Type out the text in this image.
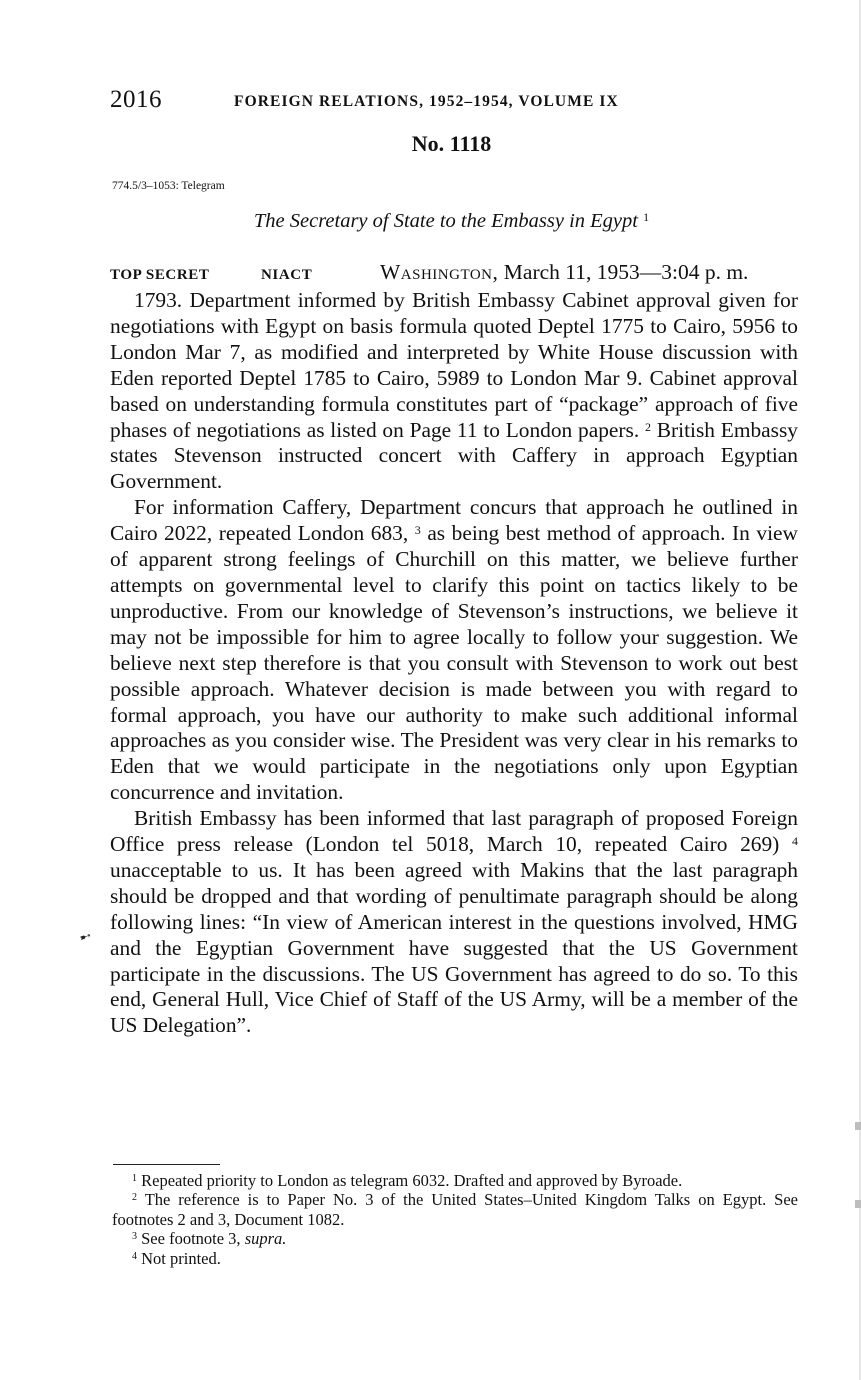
2016	FOREIGN RELATIONS, 1952–1954, VOLUME IX
No. 1118
774.5/3–1053: Telegram
The Secretary of State to the Embassy in Egypt $^1$
TOP SECRET	NIACT	Washington, March 11, 1953—3:04 p. m.

1793. Department informed by British Embassy Cabinet approval given for negotiations with Egypt on basis formula quoted Deptel 1775 to Cairo, 5956 to London Mar 7, as modified and interpreted by White House discussion with Eden reported Deptel 1785 to Cairo, 5989 to London Mar 9. Cabinet approval based on understanding formula constitutes part of “package” approach of five phases of negotiations as listed on Page 11 to London papers. $^2$ British Embassy states Stevenson instructed concert with Caffery in approach Egyptian Government.

For information Caffery, Department concurs that approach he outlined in Cairo 2022, repeated London 683, $^3$ as being best method of approach. In view of apparent strong feelings of Churchill on this matter, we believe further attempts on governmental level to clarify this point on tactics likely to be unproductive. From our knowledge of Stevenson’s instructions, we believe it may not be impossible for him to agree locally to follow your suggestion. We believe next step therefore is that you consult with Stevenson to work out best possible approach. Whatever decision is made between you with regard to formal approach, you have our authority to make such additional informal approaches as you consider wise. The President was very clear in his remarks to Eden that we would participate in the negotiations only upon Egyptian concurrence and invitation.

British Embassy has been informed that last paragraph of proposed Foreign Office press release (London tel 5018, March 10, repeated Cairo 269) $^4$ unacceptable to us. It has been agreed with Makins that the last paragraph should be dropped and that wording of penultimate paragraph should be along following lines: “In view of American interest in the questions involved, HMG and the Egyptian Government have suggested that the US Government participate in the discussions. The US Government has agreed to do so. To this end, General Hull, Vice Chief of Staff of the US Army, will be a member of the US Delegation”.

➸

$^1$ Repeated priority to London as telegram 6032. Drafted and approved by Byroade.

$^2$ The reference is to Paper No. 3 of the United States–United Kingdom Talks on Egypt. See footnotes 2 and 3, Document 1082.

$^3$ See footnote 3, supra.

$^4$ Not printed.
